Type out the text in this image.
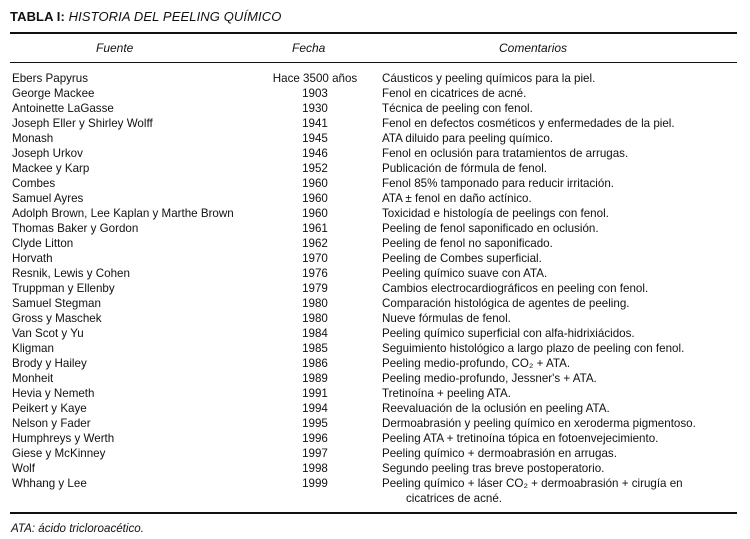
TABLA I: HISTORIA DEL PEELING QUÍMICO
Fuente	Fecha	Comentarios
Ebers Papyrus	Hace 3500 años	Cáusticos y peeling químicos para la piel.
George Mackee	1903	Fenol en cicatrices de acné.
Antoinette LaGasse	1930	Técnica de peeling con fenol.
Joseph Eller y Shirley Wolff	1941	Fenol en defectos cosméticos y enfermedades de la piel.
Monash	1945	ATA diluido para peeling químico.
Joseph Urkov	1946	Fenol en oclusión para tratamientos de arrugas.
Mackee y Karp	1952	Publicación de fórmula de fenol.
Combes	1960	Fenol 85% tamponado para reducir irritación.
Samuel Ayres	1960	ATA ± fenol en daño actínico.
Adolph Brown, Lee Kaplan y Marthe Brown	1960	Toxicidad e histología de peelings con fenol.
Thomas Baker y Gordon	1961	Peeling de fenol saponificado en oclusión.
Clyde Litton	1962	Peeling de fenol no saponificado.
Horvath	1970	Peeling de Combes superficial.
Resnik, Lewis y Cohen	1976	Peeling químico suave con ATA.
Truppman y Ellenby	1979	Cambios electrocardiográficos en peeling con fenol.
Samuel Stegman	1980	Comparación histológica de agentes de peeling.
Gross y Maschek	1980	Nueve fórmulas de fenol.
Van Scot y Yu	1984	Peeling químico superficial con alfa-hidrixiácidos.
Kligman	1985	Seguimiento histológico a largo plazo de peeling con fenol.
Brody y Hailey	1986	Peeling medio-profundo, CO₂ + ATA.
Monheit	1989	Peeling medio-profundo, Jessner's + ATA.
Hevia y Nemeth	1991	Tretinoína + peeling ATA.
Peikert y Kaye	1994	Reevaluación de la oclusión en peeling ATA.
Nelson y Fader	1995	Dermoabrasión y peeling químico en xeroderma pigmentoso.
Humphreys y Werth	1996	Peeling ATA + tretinoína tópica en fotoenvejecimiento.
Giese y McKinney	1997	Peeling químico + dermoabrasión en arrugas.
Wolf	1998	Segundo peeling tras breve postoperatorio.
Whhang y Lee	1999	Peeling químico + láser CO₂ + dermoabrasión + cirugía en
cicatrices de acné.
ATA: ácido tricloroacético.
